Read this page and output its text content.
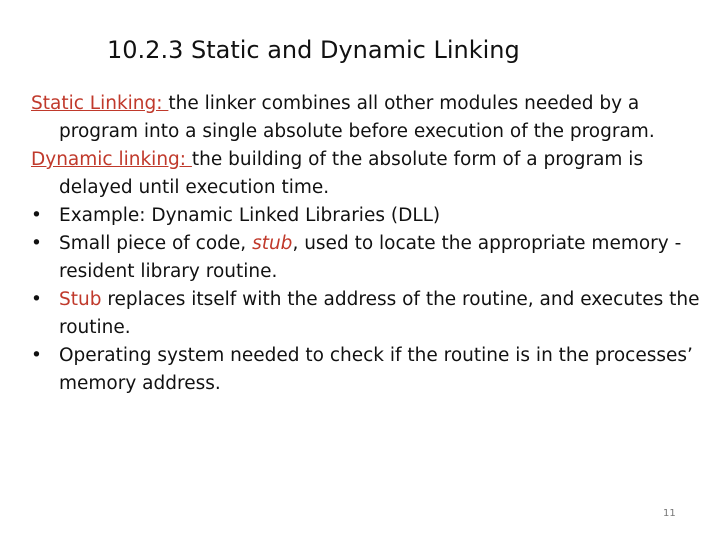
10.2.3 Static and Dynamic Linking

Static Linking: the linker combines all other modules needed by a program into a single absolute before execution of the program.

Dynamic linking: the building of the absolute form of a program is delayed until execution time.

• Example: Dynamic Linked Libraries (DLL)

• Small piece of code, stub, used to locate the appropriate memory -resident library routine.

• Stub replaces itself with the address of the routine, and executes the routine.

• Operating system needed to check if the routine is in the processes’ memory address.

11
